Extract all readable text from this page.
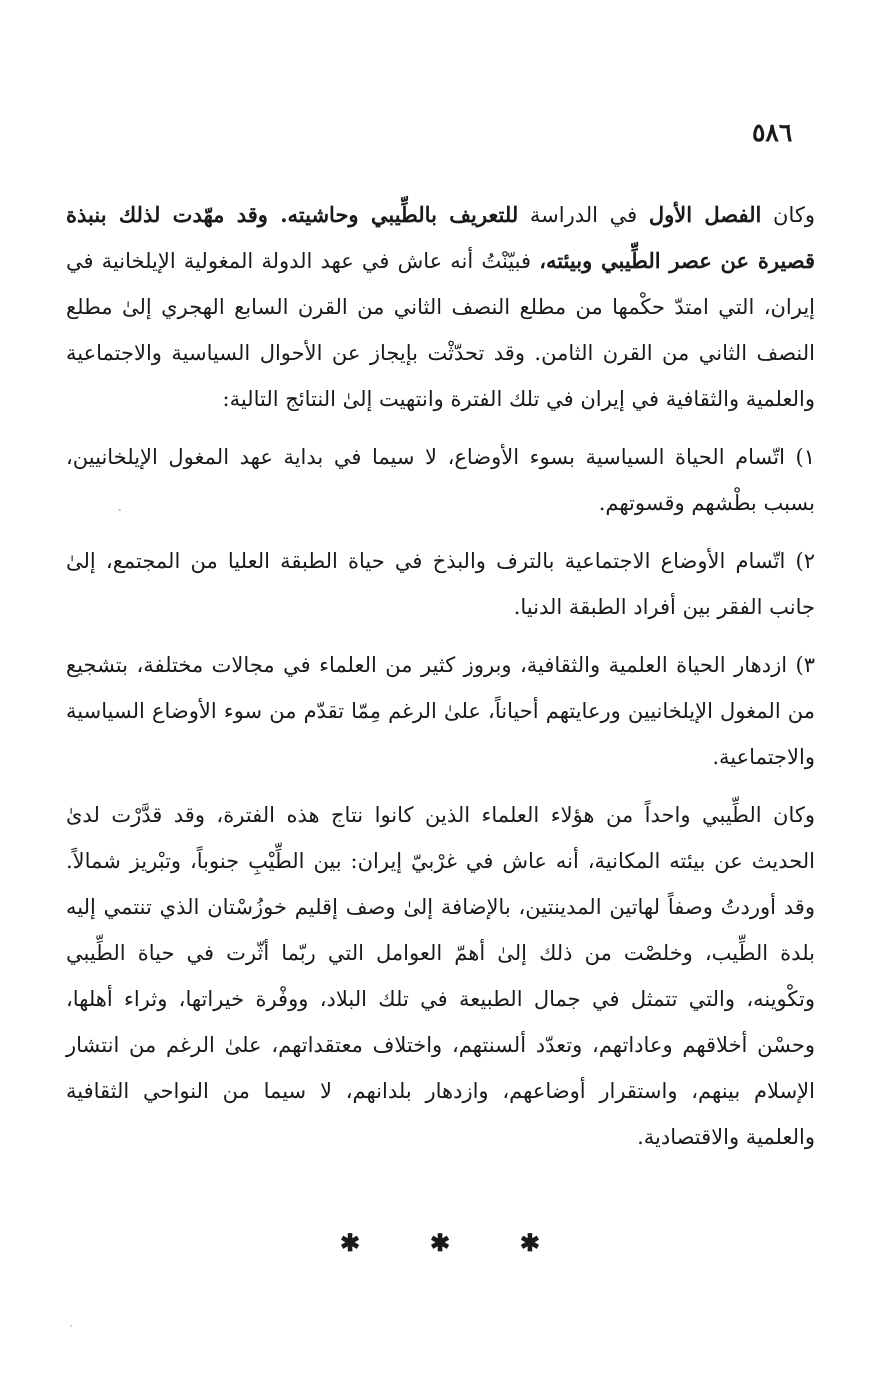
٥٨٦

وكان الفصل الأول في الدراسة للتعريف بالطِّيبي وحاشيته. وقد مهّدت لذلك بنبذة قصيرة عن عصر الطِّيبي وبيئته، فبيّنْتُ أنه عاش في عهد الدولة المغولية الإيلخانية في إيران، التي امتدّ حكْمها من مطلع النصف الثاني من القرن السابع الهجري إلىٰ مطلع النصف الثاني من القرن الثامن. وقد تحدّثْت بإيجاز عن الأحوال السياسية والاجتماعية والعلمية والثقافية في إيران في تلك الفترة وانتهيت إلىٰ النتائج التالية:

١) اتّسام الحياة السياسية بسوء الأوضاع، لا سيما في بداية عهد المغول الإيلخانيين، بسبب بطْشهم وقسوتهم.

٢) اتّسام الأوضاع الاجتماعية بالترف والبذخ في حياة الطبقة العليا من المجتمع، إلىٰ جانب الفقر بين أفراد الطبقة الدنيا.

٣) ازدهار الحياة العلمية والثقافية، وبروز كثير من العلماء في مجالات مختلفة، بتشجيع من المغول الإيلخانيين ورعايتهم أحياناً، علىٰ الرغم مِمّا تقدّم من سوء الأوضاع السياسية والاجتماعية.

وكان الطِّيبي واحداً من هؤلاء العلماء الذين كانوا نتاج هذه الفترة، وقد قدَّرْت لدىٰ الحديث عن بيئته المكانية، أنه عاش في غرْبيّ إيران: بين الطِّيْبِ جنوباً، وتبْريز شمالاً. وقد أوردتُ وصفاً لهاتين المدينتين، بالإضافة إلىٰ وصف إقليم خوزُسْتان الذي تنتمي إليه بلدة الطِّيب، وخلصْت من ذلك إلىٰ أهمّ العوامل التي ربّما أثّرت في حياة الطِّيبي وتكْوينه، والتي تتمثل في جمال الطبيعة في تلك البلاد، ووفْرة خيراتها، وثراء أهلها، وحسْن أخلاقهم وعاداتهم، وتعدّد ألسنتهم، واختلاف معتقداتهم، علىٰ الرغم من انتشار الإسلام بينهم، واستقرار أوضاعهم، وازدهار بلدانهم، لا سيما من النواحي الثقافية والعلمية والاقتصادية.

✱	✱	✱
